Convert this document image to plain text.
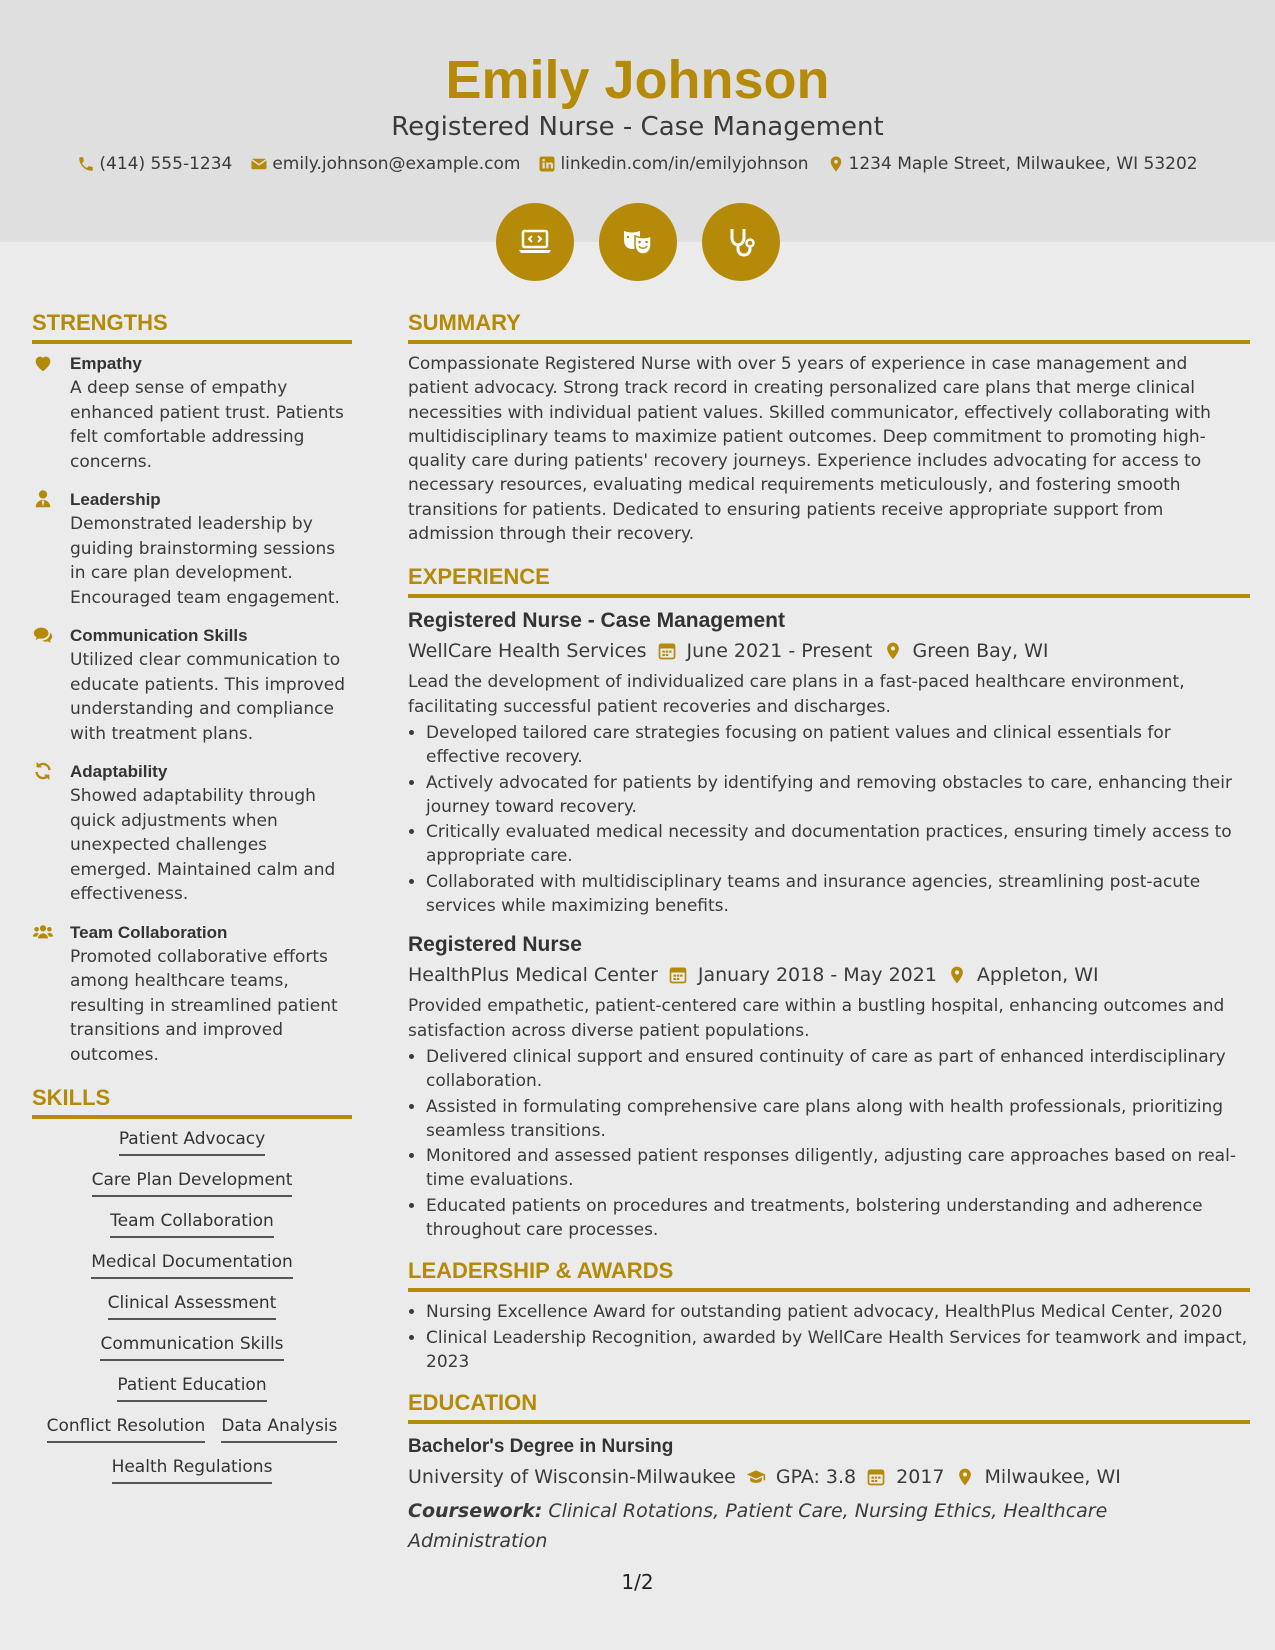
Emily Johnson
Registered Nurse - Case Management
(414) 555-1234 emily.johnson@example.com linkedin.com/in/emilyjohnson 1234 Maple Street, Milwaukee, WI 53202
STRENGTHS
Empathy
A deep sense of empathy enhanced patient trust. Patients felt comfortable addressing concerns.
Leadership
Demonstrated leadership by guiding brainstorming sessions in care plan development. Encouraged team engagement.
Communication Skills
Utilized clear communication to educate patients. This improved understanding and compliance with treatment plans.
Adaptability
Showed adaptability through quick adjustments when unexpected challenges emerged. Maintained calm and effectiveness.
Team Collaboration
Promoted collaborative efforts among healthcare teams, resulting in streamlined patient transitions and improved outcomes.
SKILLS
Patient Advocacy
Care Plan Development
Team Collaboration
Medical Documentation
Clinical Assessment
Communication Skills
Patient Education
Conflict Resolution Data Analysis
Health Regulations
SUMMARY
Compassionate Registered Nurse with over 5 years of experience in case management and patient advocacy. Strong track record in creating personalized care plans that merge clinical necessities with individual patient values. Skilled communicator, effectively collaborating with multidisciplinary teams to maximize patient outcomes. Deep commitment to promoting high-quality care during patients' recovery journeys. Experience includes advocating for access to necessary resources, evaluating medical requirements meticulously, and fostering smooth transitions for patients. Dedicated to ensuring patients receive appropriate support from admission through their recovery.
EXPERIENCE
Registered Nurse - Case Management
WellCare Health Services June 2021 - Present Green Bay, WI
Lead the development of individualized care plans in a fast-paced healthcare environment, facilitating successful patient recoveries and discharges.
• Developed tailored care strategies focusing on patient values and clinical essentials for effective recovery.
• Actively advocated for patients by identifying and removing obstacles to care, enhancing their journey toward recovery.
• Critically evaluated medical necessity and documentation practices, ensuring timely access to appropriate care.
• Collaborated with multidisciplinary teams and insurance agencies, streamlining post-acute services while maximizing benefits.
Registered Nurse
HealthPlus Medical Center January 2018 - May 2021 Appleton, WI
Provided empathetic, patient-centered care within a bustling hospital, enhancing outcomes and satisfaction across diverse patient populations.
• Delivered clinical support and ensured continuity of care as part of enhanced interdisciplinary collaboration.
• Assisted in formulating comprehensive care plans along with health professionals, prioritizing seamless transitions.
• Monitored and assessed patient responses diligently, adjusting care approaches based on real-time evaluations.
• Educated patients on procedures and treatments, bolstering understanding and adherence throughout care processes.
LEADERSHIP & AWARDS
• Nursing Excellence Award for outstanding patient advocacy, HealthPlus Medical Center, 2020
• Clinical Leadership Recognition, awarded by WellCare Health Services for teamwork and impact, 2023
EDUCATION
Bachelor's Degree in Nursing
University of Wisconsin-Milwaukee GPA: 3.8 2017 Milwaukee, WI
Coursework: Clinical Rotations, Patient Care, Nursing Ethics, Healthcare Administration
1/2
